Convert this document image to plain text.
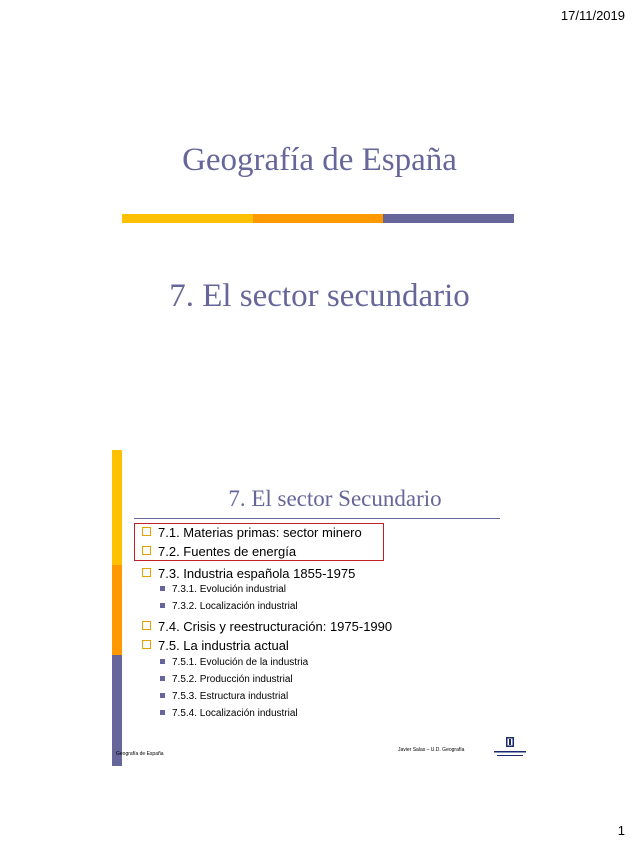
17/11/2019
Geografía de España
7. El sector secundario
7. El sector Secundario
7.1. Materias primas: sector minero
7.2. Fuentes de energía
7.3. Industria española 1855-1975
7.3.1. Evolución industrial
7.3.2. Localización industrial
7.4. Crisis y reestructuración: 1975-1990
7.5. La industria actual
7.5.1. Evolución de la industria
7.5.2. Producción industrial
7.5.3. Estructura industrial
7.5.4. Localización industrial
Geografía de España
Javier Salas – U.D. Geografía
1
